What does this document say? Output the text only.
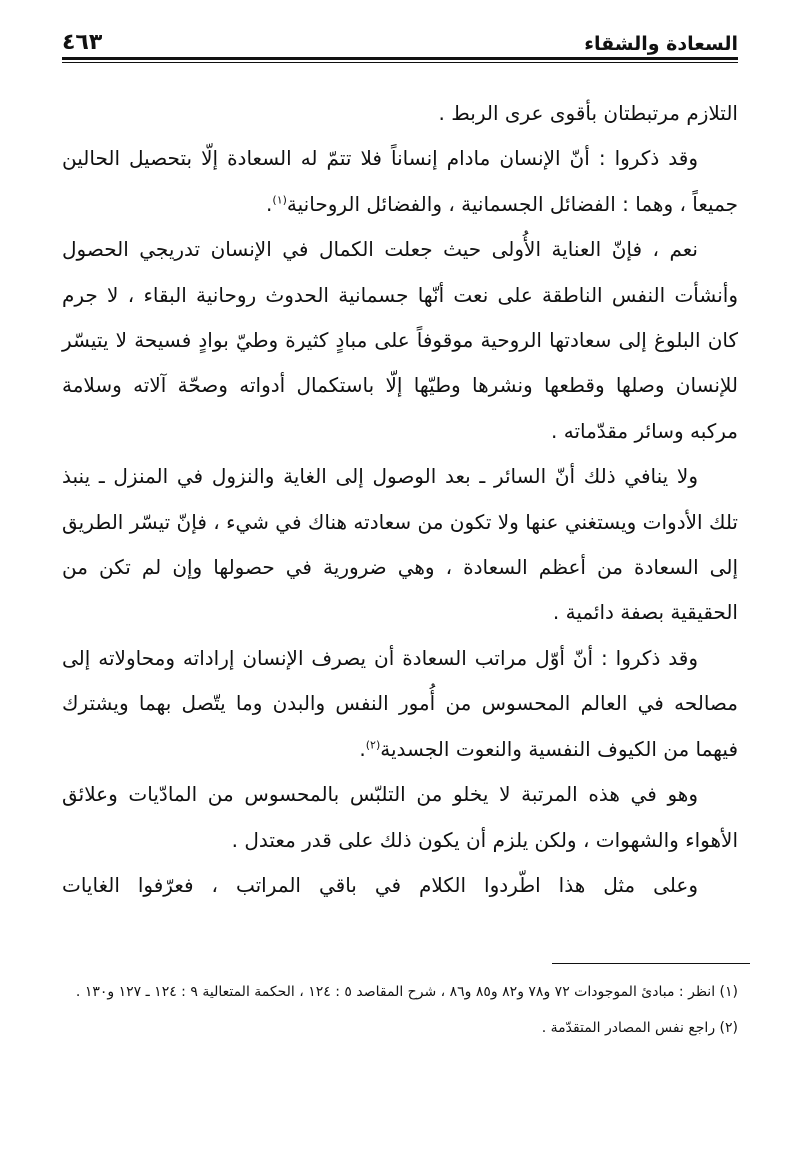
السعادة والشقاء
٤٦٣

التلازم مرتبطتان بأقوى عرى الربط .

وقد ذكروا : أنّ الإنسان مادام إنساناً فلا تتمّ له السعادة إلّا بتحصيل الحالين جميعاً ، وهما : الفضائل الجسمانية ، والفضائل الروحانية$^{(١)}$.

نعم ، فإنّ العناية الأُولى حيث جعلت الكمال في الإنسان تدريجي الحصول وأنشأت النفس الناطقة على نعت أنّها جسمانية الحدوث روحانية البقاء ، لا جرم كان البلوغ إلى سعادتها الروحية موقوفاً على مبادٍ كثيرة وطيّ بوادٍ فسيحة لا يتيسّر للإنسان وصلها وقطعها ونشرها وطيّها إلّا باستكمال أدواته وصحّة آلاته وسلامة مركبه وسائر مقدّماته .

ولا ينافي ذلك أنّ السائر ـ بعد الوصول إلى الغاية والنزول في المنزل ـ ينبذ تلك الأدوات ويستغني عنها ولا تكون من سعادته هناك في شيء ، فإنّ تيسّر الطريق إلى السعادة من أعظم السعادة ، وهي ضرورية في حصولها وإن لم تكن من الحقيقية بصفة دائمية .

وقد ذكروا : أنّ أوّل مراتب السعادة أن يصرف الإنسان إراداته ومحاولاته إلى مصالحه في العالم المحسوس من أُمور النفس والبدن وما يتّصل بهما ويشترك فيهما من الكيوف النفسية والنعوت الجسدية$^{(٢)}$.

وهو في هذه المرتبة لا يخلو من التلبّس بالمحسوس من المادّيات وعلائق الأهواء والشهوات ، ولكن يلزم أن يكون ذلك على قدر معتدل .

وعلى مثل هذا اطّردوا الكلام في باقي المراتب ، فعرّفوا الغايات

(١) انظر : مبادئ الموجودات ٧٢ و٧٨ و٨٢ و٨٥ و٨٦ ، شرح المقاصد ٥ : ١٢٤ ، الحكمة المتعالية ٩ : ١٢٤ ـ ١٢٧ و١٣٠ .

(٢) راجع نفس المصادر المتقدّمة .
